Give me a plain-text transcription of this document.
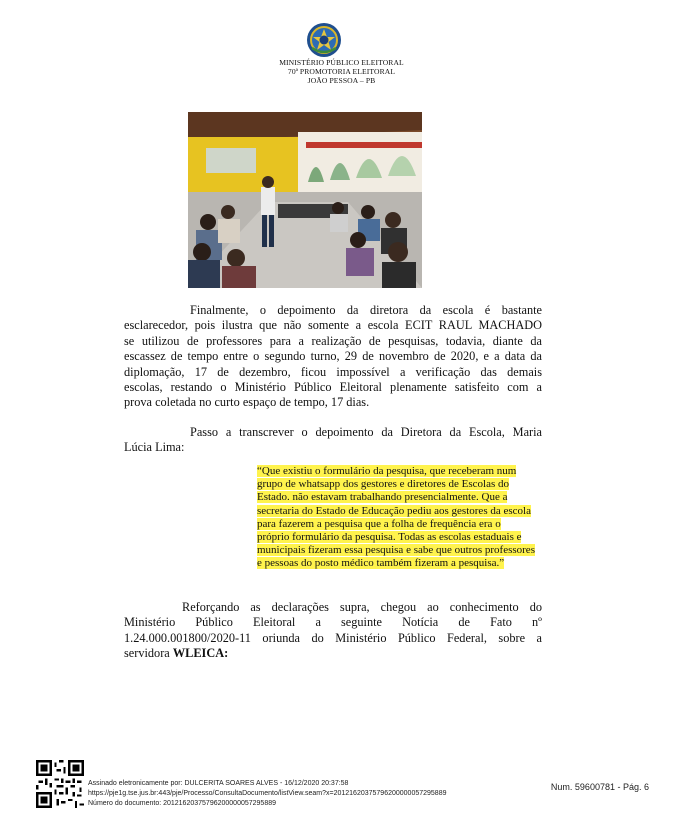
MINISTÉRIO PÚBLICO ELEITORAL
70ª PROMOTORIA ELEITORAL
JOÃO PESSOA – PB
Finalmente, o depoimento da diretora da escola é bastante
esclarecedor, pois ilustra que não somente a escola ECIT RAUL MACHADO
se utilizou de professores para a realização de pesquisas, todavia, diante da
escassez de tempo entre o segundo turno, 29 de novembro de 2020, e a data da
diplomação, 17 de dezembro, ficou impossível a verificação das demais
escolas, restando o Ministério Público Eleitoral plenamente satisfeito com a
prova coletada no curto espaço de tempo, 17 dias.
Passo a transcrever o depoimento da Diretora da Escola, Maria
Lúcia Lima:
“Que existiu o formulário da pesquisa, que receberam num
grupo de whatsapp dos gestores e diretores de Escolas do
Estado. não estavam trabalhando presencialmente. Que a
secretaria do Estado de Educação pediu aos gestores da escola
para fazerem a pesquisa que a folha de frequência era o
próprio formulário da pesquisa. Todas as escolas estaduais e
municipais fizeram essa pesquisa e sabe que outros professores
e pessoas do posto médico também fizeram a pesquisa.”
Reforçando as declarações supra, chegou ao conhecimento do
Ministério Público Eleitoral a seguinte Notícia de Fato nº
1.24.000.001800/2020-11 oriunda do Ministério Público Federal, sobre a
servidora WLEICA:
Assinado eletronicamente por: DULCERITA SOARES ALVES - 16/12/2020 20:37:58
https://pje1g.tse.jus.br:443/pje/Processo/ConsultaDocumento/listView.seam?x=20121620375796200000057295889
Número do documento: 20121620375796200000057295889
Num. 59600781 - Pág. 6
